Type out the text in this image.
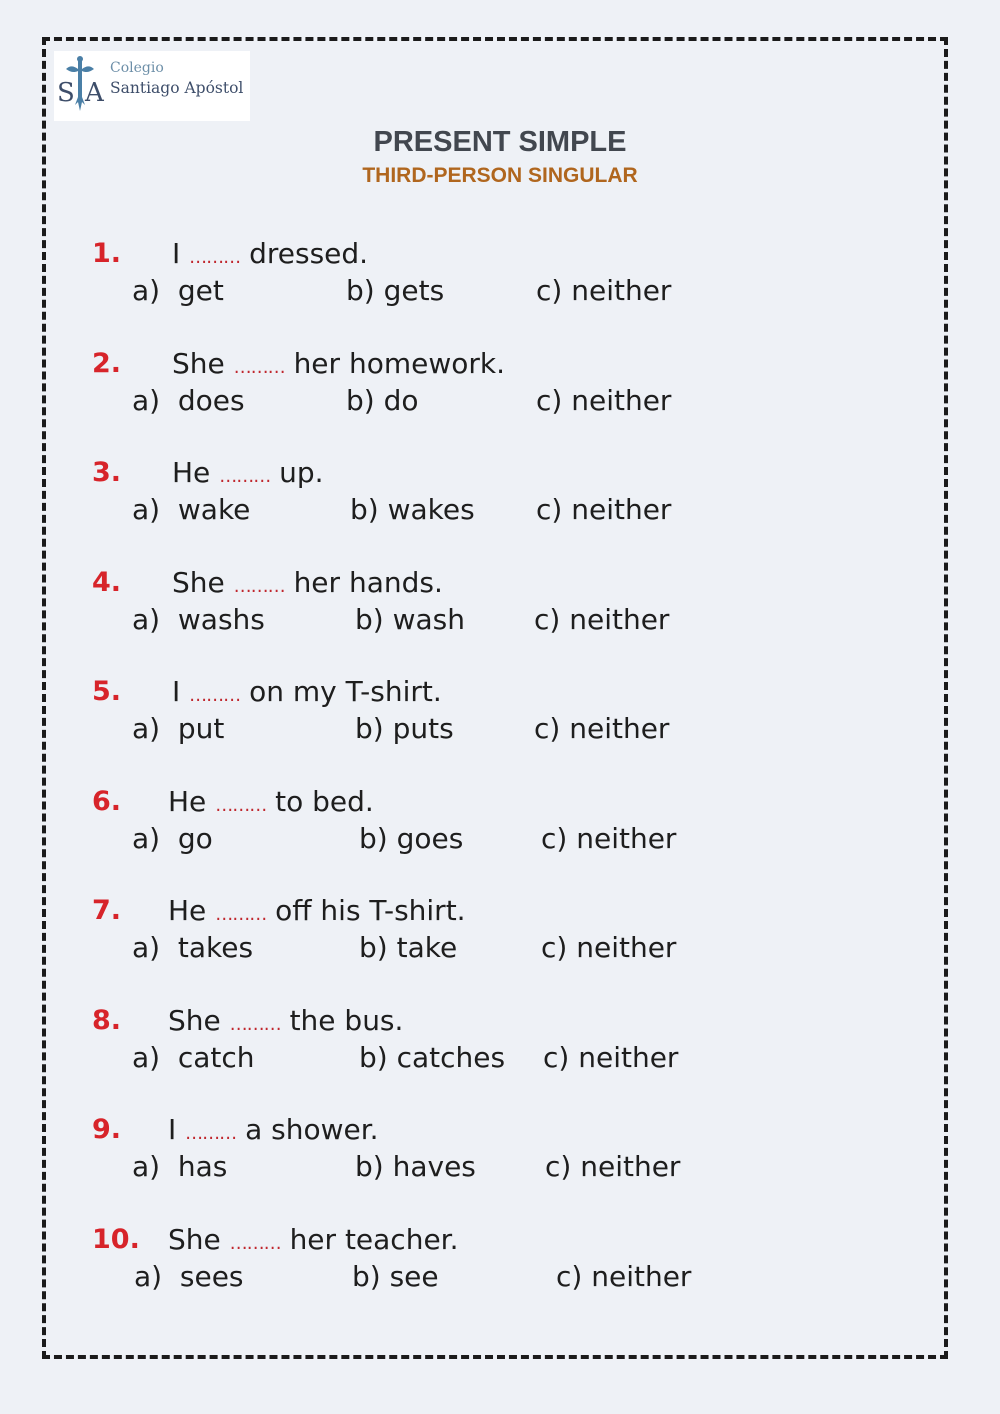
S A
Colegio
Santiago Apóstol
PRESENT SIMPLE
THIRD-PERSON SINGULAR
1. I ……… dressed.
a)  get	b) gets	c) neither
2. She ……… her homework.
a)  does	b) do	c) neither
3. He ……… up.
a)  wake	b) wakes c) neither
4. She ……… her hands.
a)  washs	b) wash c) neither
5. I ……… on my T-shirt.
a)  put	b) puts	c) neither
6. He ……… to bed.
a)  go	b) goes	c) neither
7. He ……… off his T-shirt.
a)  takes	b) take	c) neither
8. She ……… the bus.
a)  catch	b) catches c) neither
9. I ……… a shower.
a)  has	b) haves c) neither
10. She ……… her teacher.
a)  sees	b) see	c) neither
